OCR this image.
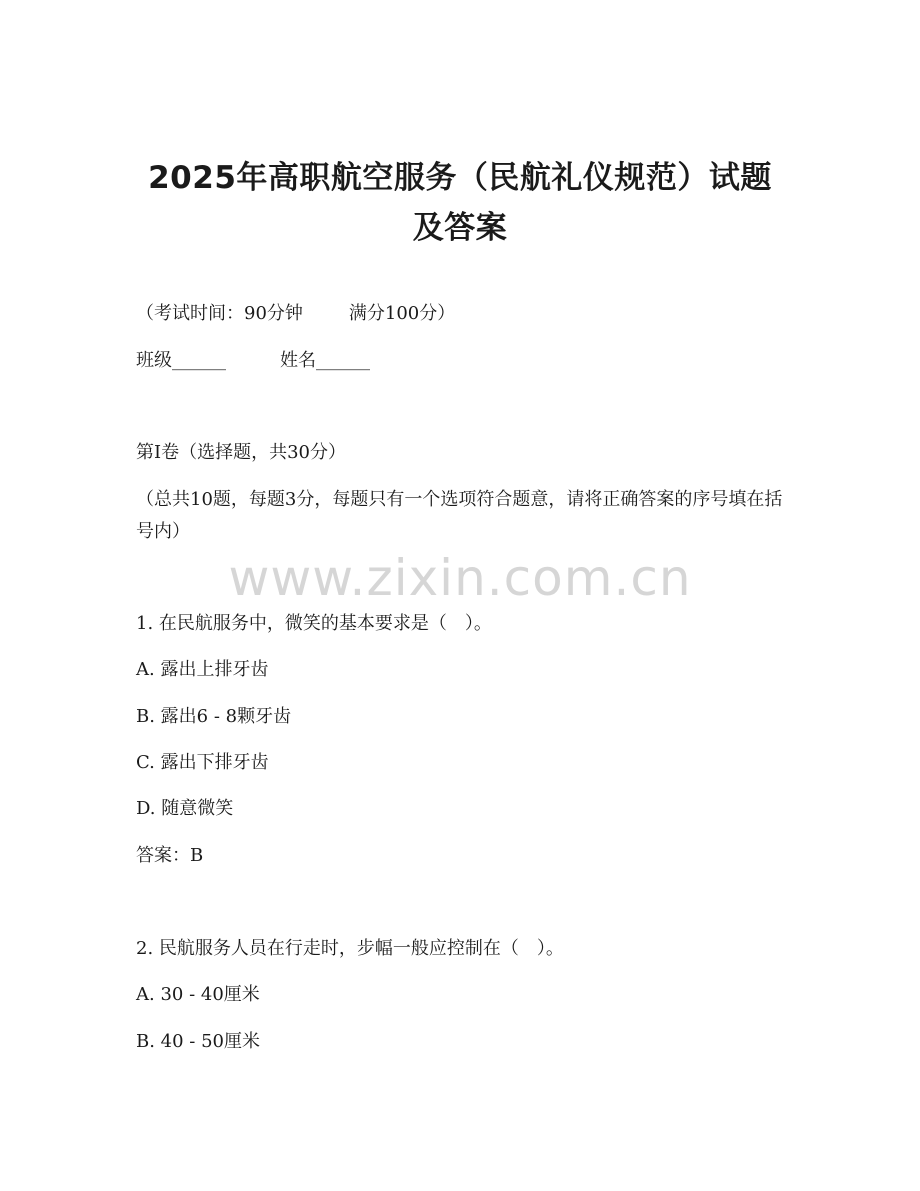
2025年高职航空服务（民航礼仪规范）试题
及答案
（考试时间：90分钟	满分100分）
班级______	姓名______
第Ⅰ卷（选择题，共30分）
（总共10题，每题3分，每题只有一个选项符合题意，请将正确答案的序号填在括号内）
www.zixin.com.cn
1. 在民航服务中，微笑的基本要求是（　）。
A. 露出上排牙齿
B. 露出6 - 8颗牙齿
C. 露出下排牙齿
D. 随意微笑
答案：B
2. 民航服务人员在行走时，步幅一般应控制在（　）。
A. 30 - 40厘米
B. 40 - 50厘米
